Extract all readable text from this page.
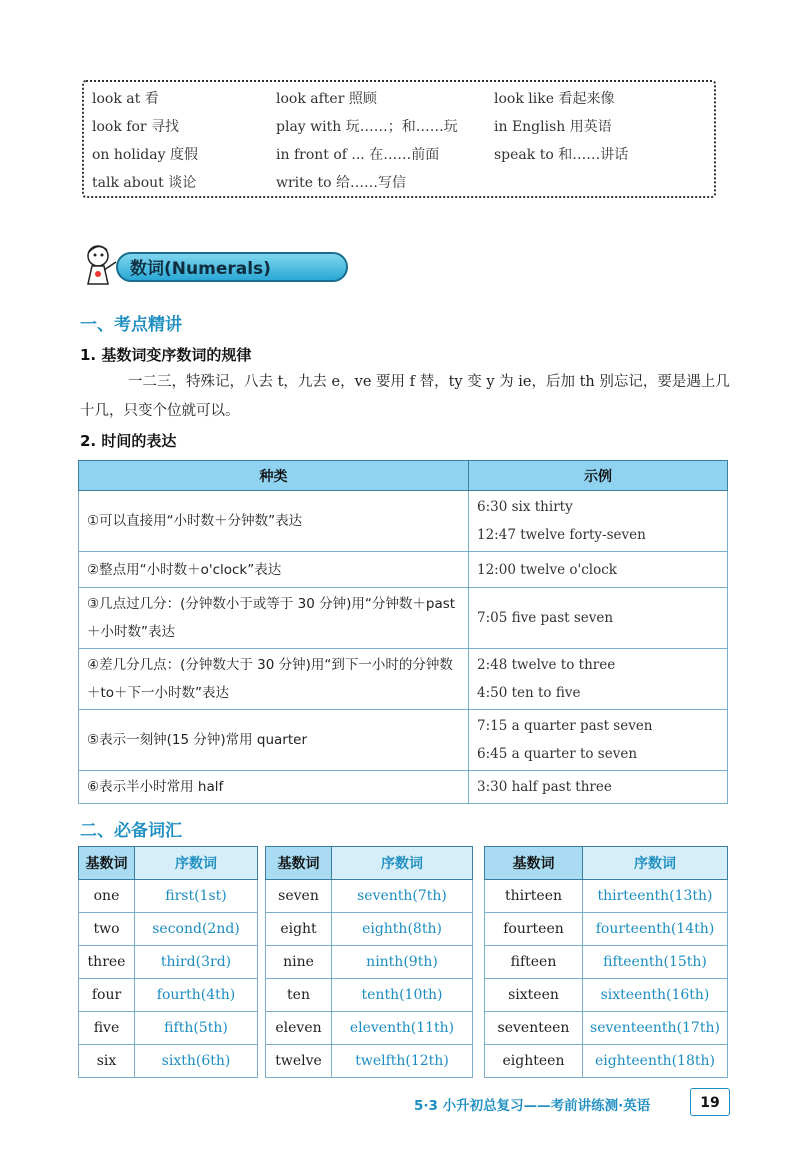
look at 看	look after 照顾	look like 看起来像
look for 寻找	play with 玩……；和……玩	in English 用英语
on holiday 度假	in front of ... 在……前面	speak to 和……讲话
talk about 谈论	write to 给……写信
数词(Numerals)
一、考点精讲
1. 基数词变序数词的规律
一二三，特殊记，八去 t，九去 e，ve 要用 f 替，ty 变 y 为 ie，后加 th 别忘记，要是遇上几十几，只变个位就可以。
2. 时间的表达
种类	示例
①可以直接用“小时数＋分钟数”表达	6:30 six thirty
12:47 twelve forty-seven

②整点用“小时数＋o'clock”表达	12:00 twelve o'clock

③几点过几分：(分钟数小于或等于 30 分钟)用“分钟数＋past＋小时数”表达	7:05 five past seven

④差几分几点：(分钟数大于 30 分钟)用“到下一小时的分钟数＋to＋下一小时数”表达	2:48 twelve to three
4:50 ten to five

⑤表示一刻钟(15 分钟)常用 quarter	7:15 a quarter past seven
6:45 a quarter to seven

⑥表示半小时常用 half	3:30 half past three
二、必备词汇
基数词	序数词
one	first(1st)
two	second(2nd)
three	third(3rd)
four	fourth(4th)
five	fifth(5th)
six	sixth(6th)
基数词	序数词
seven	seventh(7th)
eight	eighth(8th)
nine	ninth(9th)
ten	tenth(10th)
eleven	eleventh(11th)
twelve	twelfth(12th)
基数词	序数词
thirteen	thirteenth(13th)
fourteen	fourteenth(14th)
fifteen	fifteenth(15th)
sixteen	sixteenth(16th)
seventeen	seventeenth(17th)
eighteen	eighteenth(18th)
5·3 小升初总复习——考前讲练测·英语	19
